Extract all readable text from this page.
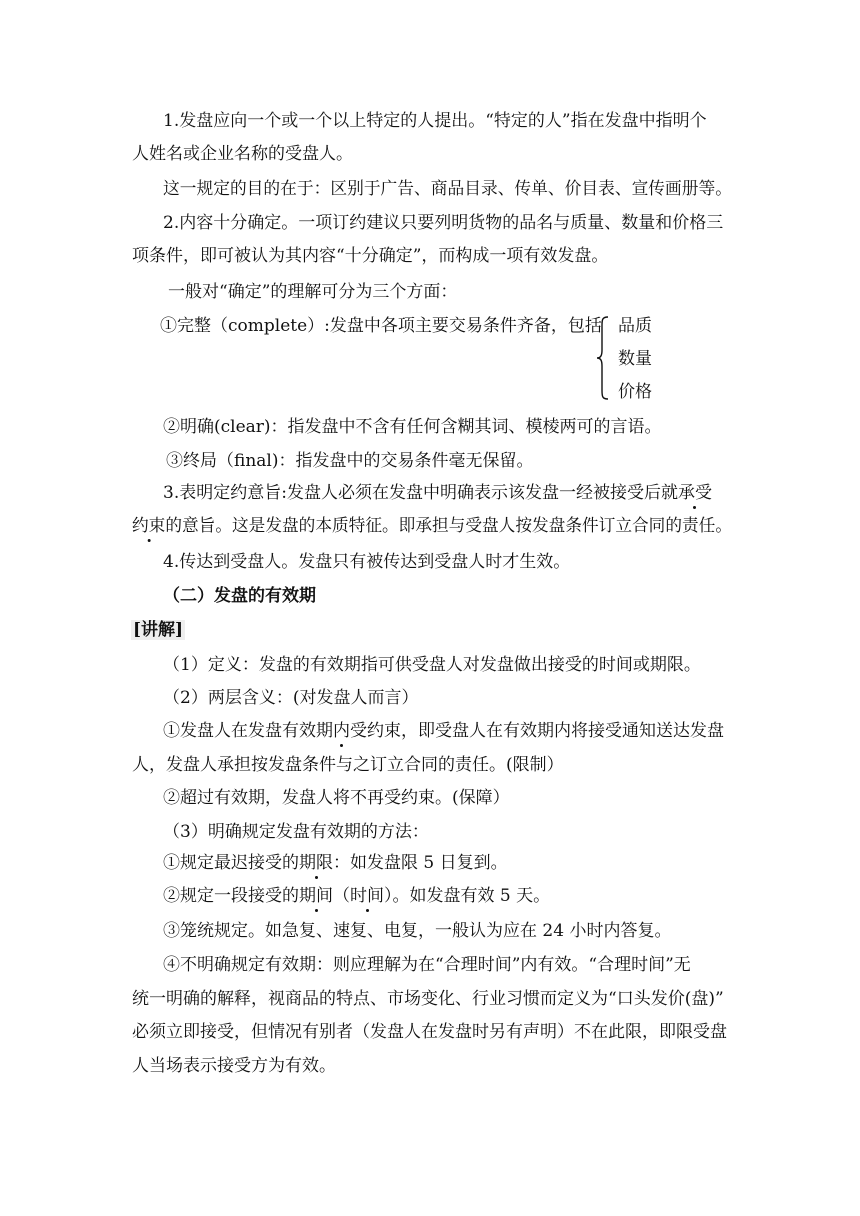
1.发盘应向一个或一个以上特定的人提出。“特定的人”指在发盘中指明个
人姓名或企业名称的受盘人。
这一规定的目的在于：区别于广告、商品目录、传单、价目表、宣传画册等。
2.内容十分确定。一项订约建议只要列明货物的品名与质量、数量和价格三
项条件，即可被认为其内容“十分确定”，而构成一项有效发盘。
一般对“确定”的理解可分为三个方面：
①完整（complete）:发盘中各项主要交易条件齐备，包括 品质
数量
价格
②明确(clear)：指发盘中不含有任何含糊其词、模棱两可的言语。
③终局（final)：指发盘中的交易条件毫无保留。
3.表明定约意旨:发盘人必须在发盘中明确表示该发盘一经被接受后就承受
约束的意旨。这是发盘的本质特征。即承担与受盘人按发盘条件订立合同的责任。
4.传达到受盘人。发盘只有被传达到受盘人时才生效。
（二）发盘的有效期
[讲解]
（1）定义：发盘的有效期指可供受盘人对发盘做出接受的时间或期限。
（2）两层含义：(对发盘人而言）
①发盘人在发盘有效期内受约束，即受盘人在有效期内将接受通知送达发盘
人，发盘人承担按发盘条件与之订立合同的责任。(限制）
②超过有效期，发盘人将不再受约束。(保障）
（3）明确规定发盘有效期的方法：
①规定最迟接受的期限：如发盘限 5 日复到。
②规定一段接受的期间（时间）。如发盘有效 5 天。
③笼统规定。如急复、速复、电复，一般认为应在 24 小时内答复。
④不明确规定有效期：则应理解为在“合理时间”内有效。“合理时间”无
统一明确的解释，视商品的特点、市场变化、行业习惯而定义为“口头发价(盘)”
必须立即接受，但情况有别者（发盘人在发盘时另有声明）不在此限，即限受盘
人当场表示接受方为有效。
